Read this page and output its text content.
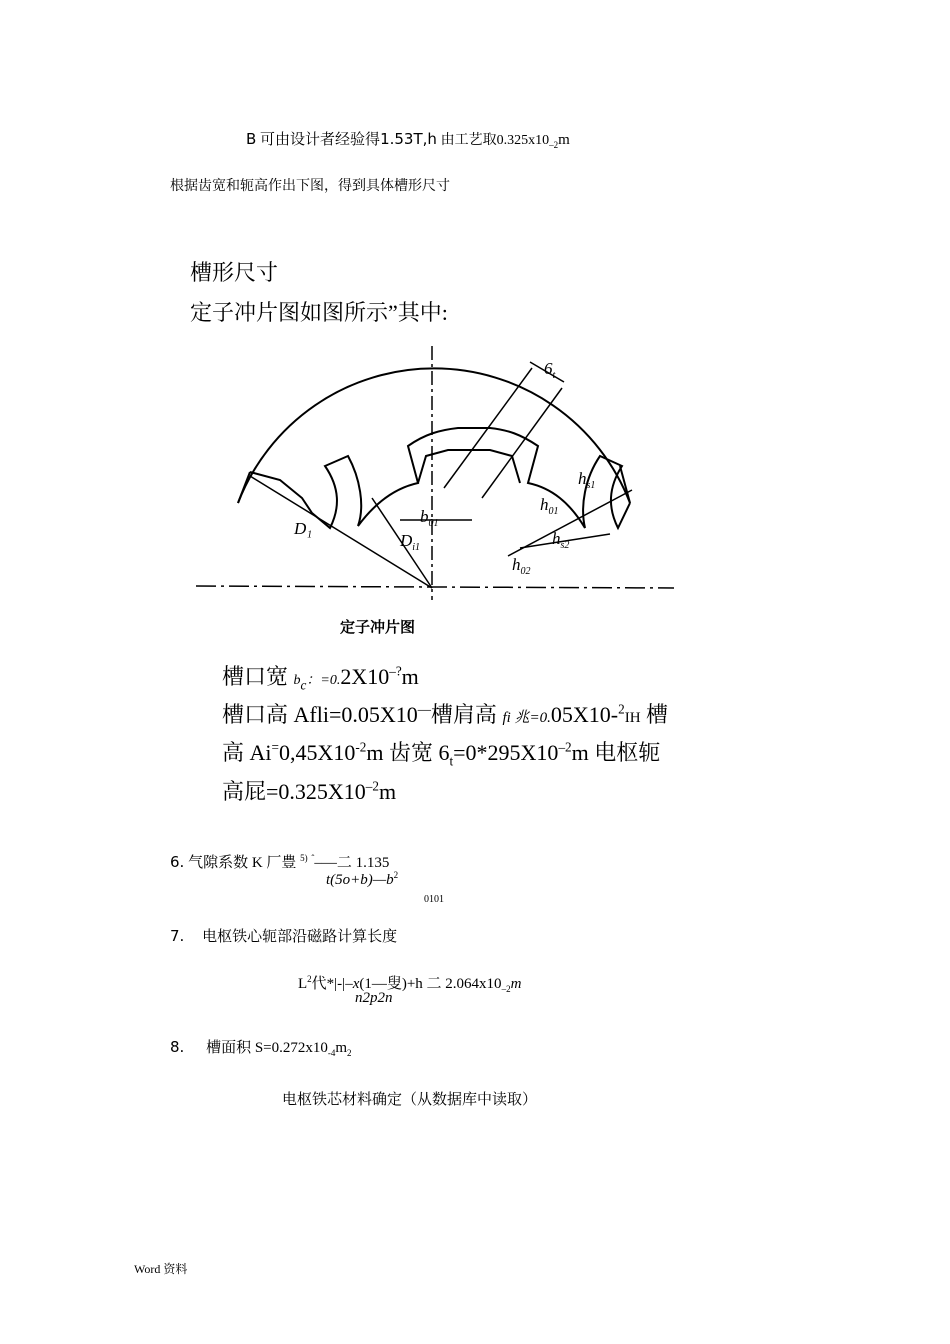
B 可由设计者经验得1.53T,h 由工艺取$0.325x10_{-2}m$
根据齿宽和轭高作出下图，得到具体槽形尺寸
槽形尺寸
定子冲片图如图所示”其中:
D₁
$D_{i1}$
$b_{01}$
$6_t$
$h_{s1}$
$h_{01}$
$h_{s2}$
$h_{02}$
定子冲片图
槽口宽 $b_c$：=0.2X10–?m
槽口高 Afli=0.05X10—槽肩高 fi 兆=0.05X10-$^2$IH 槽
高 $Ai^=0,45X10^{-2}m$ 齿宽 $6_t=0*295X10^{-2}m$ 电枢轭
高屁$=0.325X10^{-2}m$
6. 气隙系数 K 厂豊 $^{5)}$ $^ˆ$–—二 1.135
$t(5o+b)—b^2$
0101
7. 电枢铁心轭部沿磁路计算长度
$L^2$代*|-|–x(1—叟)+h 二 $2.064x10_{-2}m$
n2p2n
8. 槽面积 $S=0.272x10_{-4}m_2$
电枢铁芯材料确定（从数据库中读取）
Word 资料
